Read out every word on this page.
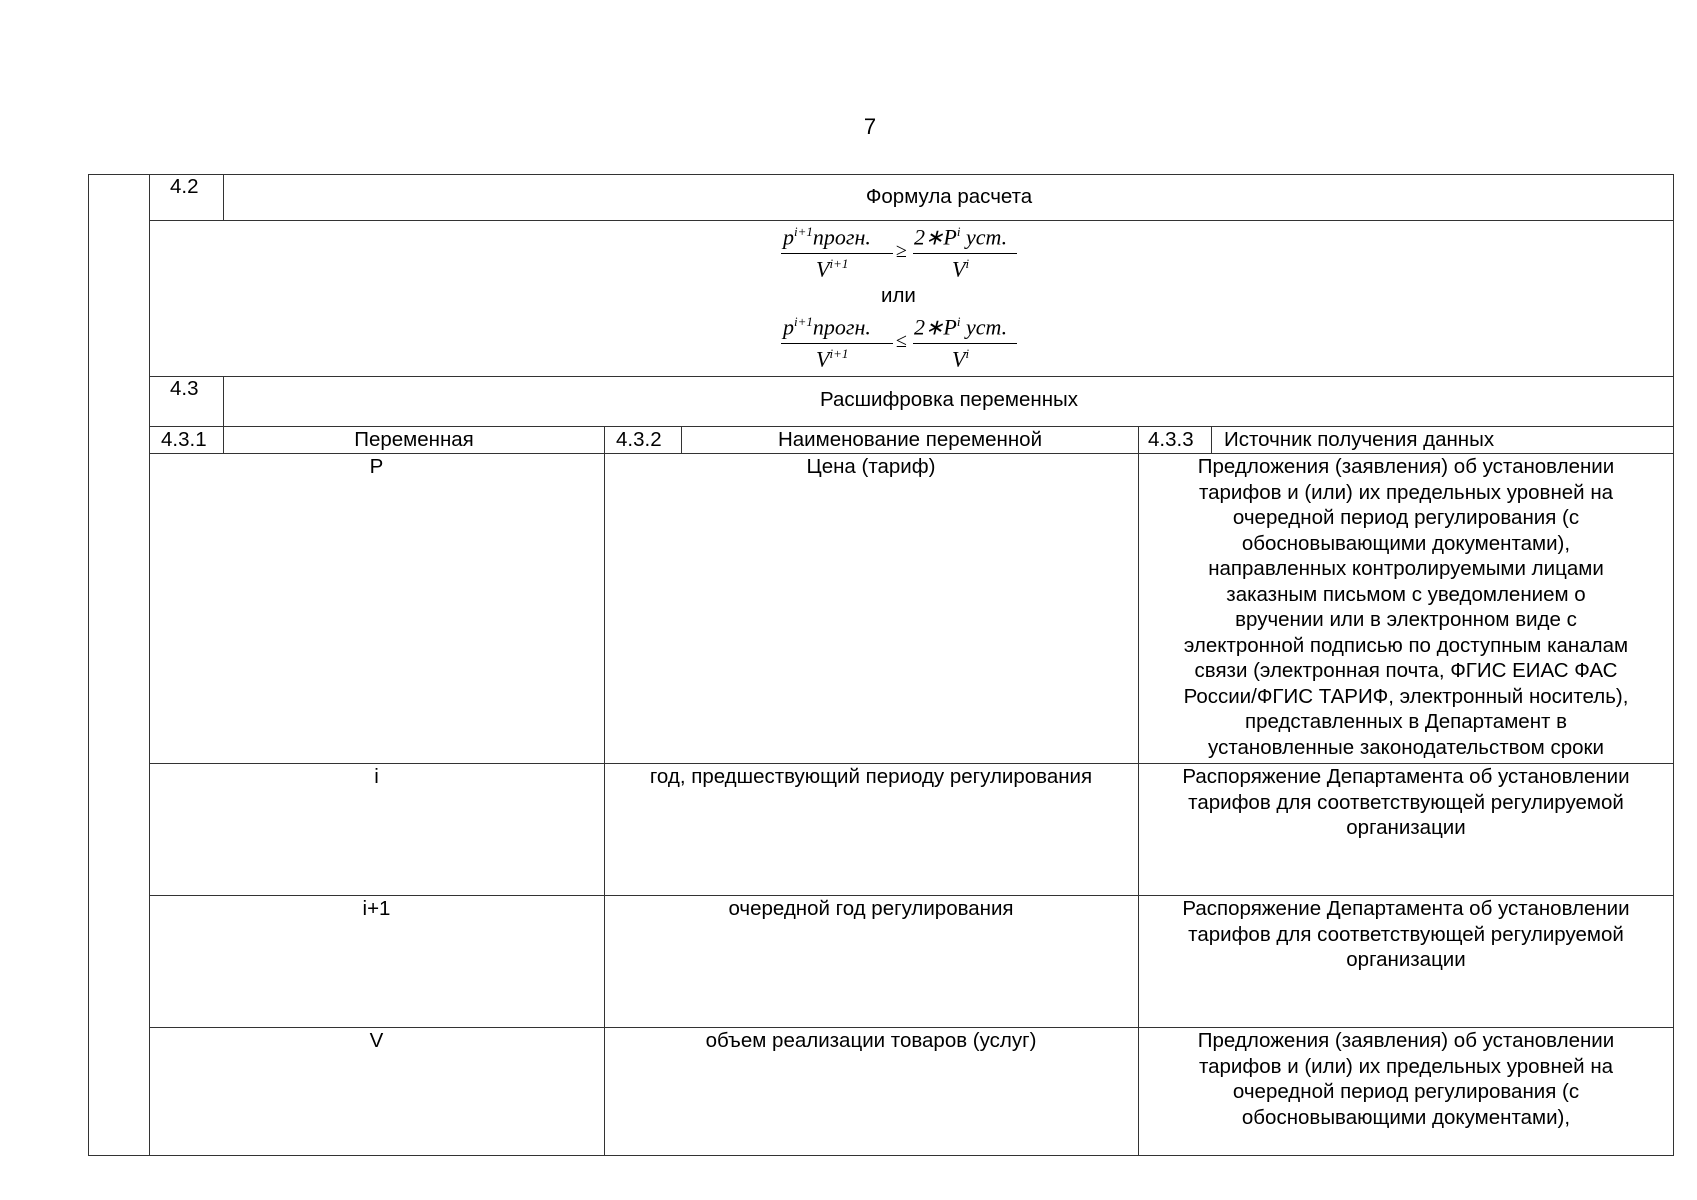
7
4.2	Формула расчета
$p^{i+1}прогн$.
$V^{i+1}$
≥
$2∗P^i$ уст.
$V^i$
или
$p^{i+1}прогн$.
$V^{i+1}$
≤
$2∗P^i$ уст.
$V^i$
4.3	Расшифровка переменных
4.3.1	Переменная	4.3.2	Наименование переменной	4.3.3 Источник получения данных
P	Цена (тариф)	Предложения (заявления) об установлении
тарифов и (или) их предельных уровней на
очередной период регулирования (с
обосновывающими документами),
направленных контролируемыми лицами
заказным письмом с уведомлением о
вручении или в электронном виде с
электронной подписью по доступным каналам
связи (электронная почта, ФГИС ЕИАС ФАС
России/ФГИС ТАРИФ, электронный носитель),
представленных в Департамент в
установленные законодательством сроки
i	год, предшествующий периоду регулирования	Распоряжение Департамента об установлении
тарифов для соответствующей регулируемой
организации
i+1	очередной год регулирования	Распоряжение Департамента об установлении
тарифов для соответствующей регулируемой
организации
V	объем реализации товаров (услуг)	Предложения (заявления) об установлении
тарифов и (или) их предельных уровней на
очередной период регулирования (с
обосновывающими документами),
